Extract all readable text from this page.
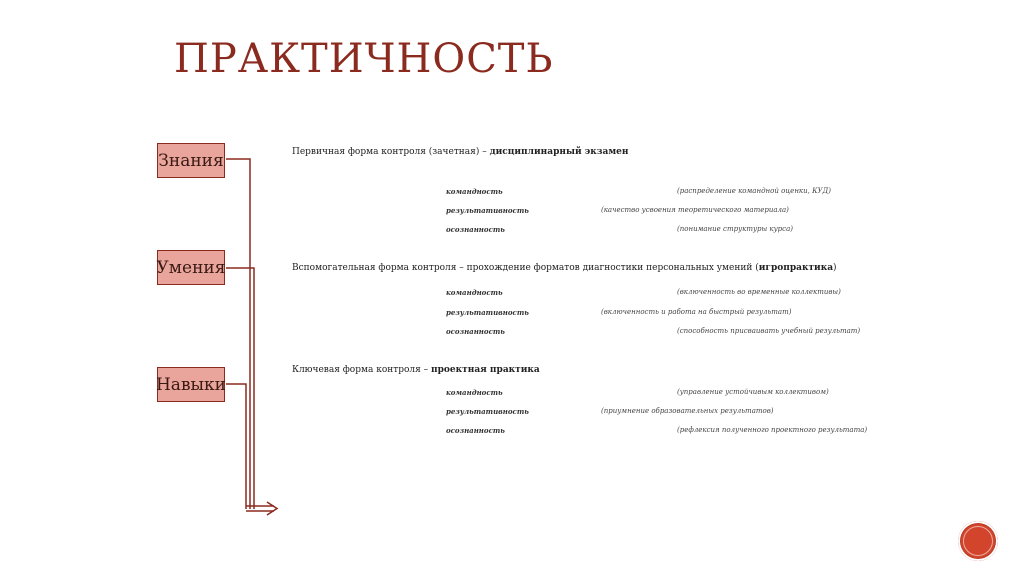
ПРАКТИЧНОСТЬ
Знания
Умения
Навыки
Первичная форма контроля (зачетная) – дисциплинарный экзамен
командность	(распределение командной оценки, КУД)
результативность	(качество усвоения теоретического материала)
осознанность	(понимание структуры курса)
Вспомогательная форма контроля – прохождение форматов диагностики персональных умений (игропрактика)
командность	(включенность во временные коллективы)
результативность	(включенность и работа на быстрый результат)
осознанность	(способность присваивать учебный результат)
Ключевая форма контроля – проектная практика
командность	(управление устойчивым коллективом)
результативность	(приумнение образовательных результатов)
осознанность	(рефлексия полученного проектного результата)
